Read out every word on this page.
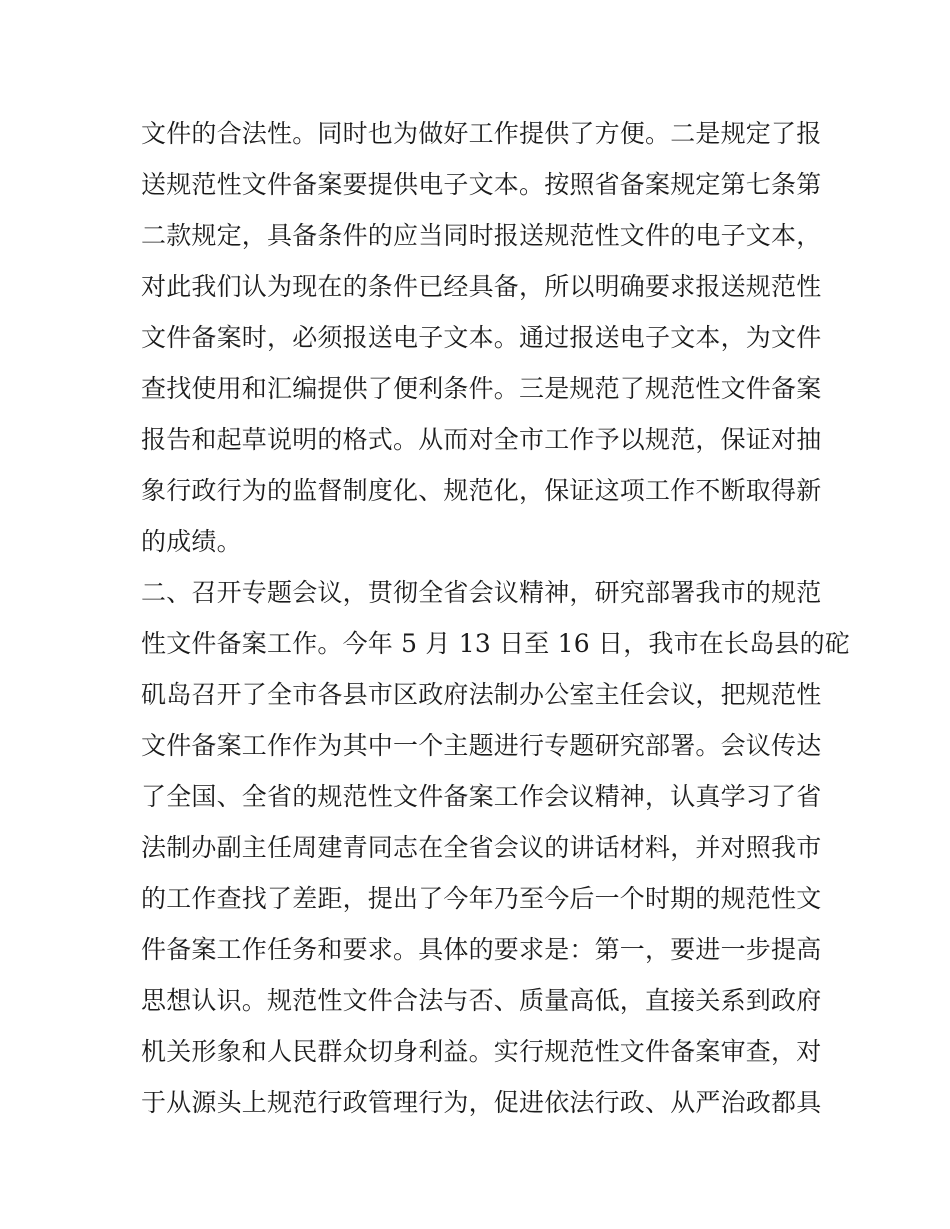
文件的合法性。同时也为做好工作提供了方便。二是规定了报
送规范性文件备案要提供电子文本。按照省备案规定第七条第
二款规定，具备条件的应当同时报送规范性文件的电子文本，
对此我们认为现在的条件已经具备，所以明确要求报送规范性
文件备案时，必须报送电子文本。通过报送电子文本，为文件
查找使用和汇编提供了便利条件。三是规范了规范性文件备案
报告和起草说明的格式。从而对全市工作予以规范，保证对抽
象行政行为的监督制度化、规范化，保证这项工作不断取得新
的成绩。
二、召开专题会议，贯彻全省会议精神，研究部署我市的规范
性文件备案工作。今年 5 月 13 日至 16 日，我市在长岛县的砣
矶岛召开了全市各县市区政府法制办公室主任会议，把规范性
文件备案工作作为其中一个主题进行专题研究部署。会议传达
了全国、全省的规范性文件备案工作会议精神，认真学习了省
法制办副主任周建青同志在全省会议的讲话材料，并对照我市
的工作查找了差距，提出了今年乃至今后一个时期的规范性文
件备案工作任务和要求。具体的要求是：第一，要进一步提高
思想认识。规范性文件合法与否、质量高低，直接关系到政府
机关形象和人民群众切身利益。实行规范性文件备案审查，对
于从源头上规范行政管理行为，促进依法行政、从严治政都具
